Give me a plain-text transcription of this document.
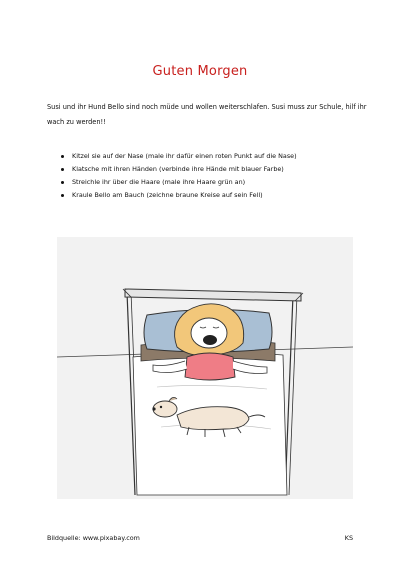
Guten Morgen
Susi und ihr Hund Bello sind noch müde und wollen weiterschlafen. Susi muss zur Schule, hilf ihr wach zu werden!!
Kitzel sie auf der Nase (male ihr dafür einen roten Punkt auf die Nase)
Klatsche mit ihren Händen (verbinde ihre Hände mit blauer Farbe)
Streichle ihr über die Haare (male ihre Haare grün an)
Kraule Bello am Bauch (zeichne braune Kreise auf sein Fell)
Bildquelle: www.pixabay.com	KS
